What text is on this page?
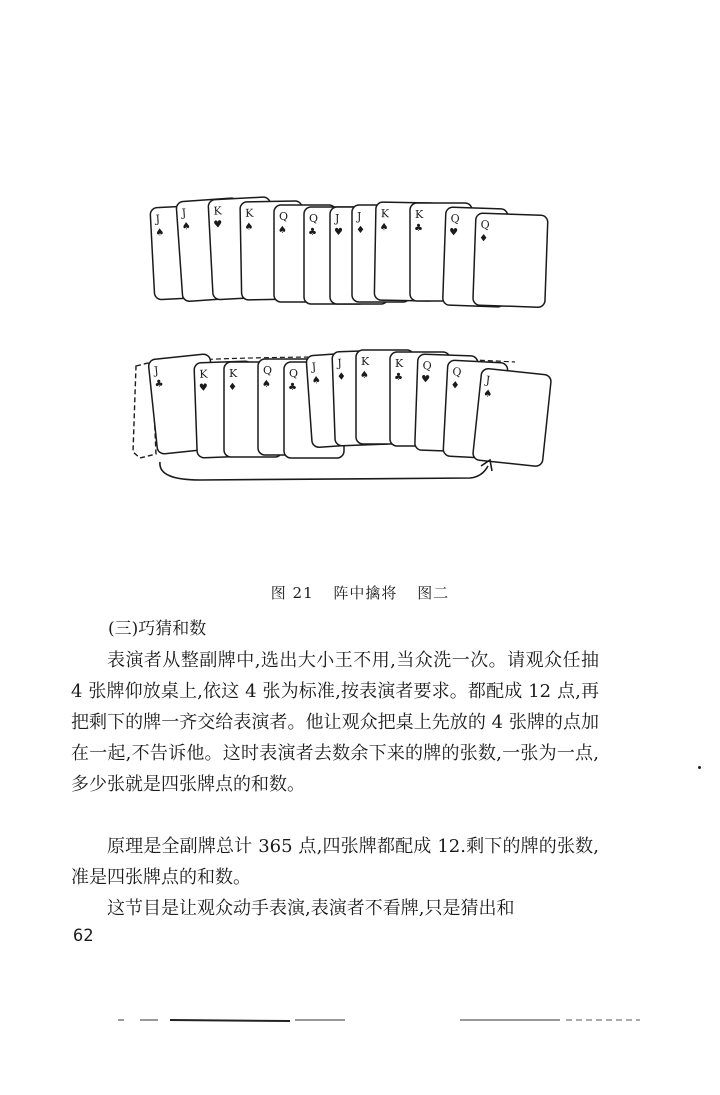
J
♠
J
♠
K
♥
K
♠
Q
♠
Q
♣
J
♥
J
♦
K
♠
K
♣
Q
♥
Q
♦
J
♣
K
♥
K
♦
Q
♠
Q
♣
J
♠
J
♦
K
♠
K
♣
Q
♥
Q
♦ J
♠
图 21 阵中擒将 图二
(三)巧猜和数

表演者从整副牌中,选出大小王不用,当众洗一次。请观众任抽 4 张牌仰放桌上,依这 4 张为标准,按表演者要求。都配成 12 点,再把剩下的牌一齐交给表演者。他让观众把桌上先放的 4 张牌的点加在一起,不告诉他。这时表演者去数余下来的牌的张数,一张为一点,多少张就是四张牌点的和数。

原理是全副牌总计 365 点,四张牌都配成 12.剩下的牌的张数,准是四张牌点的和数。

这节目是让观众动手表演,表演者不看牌,只是猜出和

62
